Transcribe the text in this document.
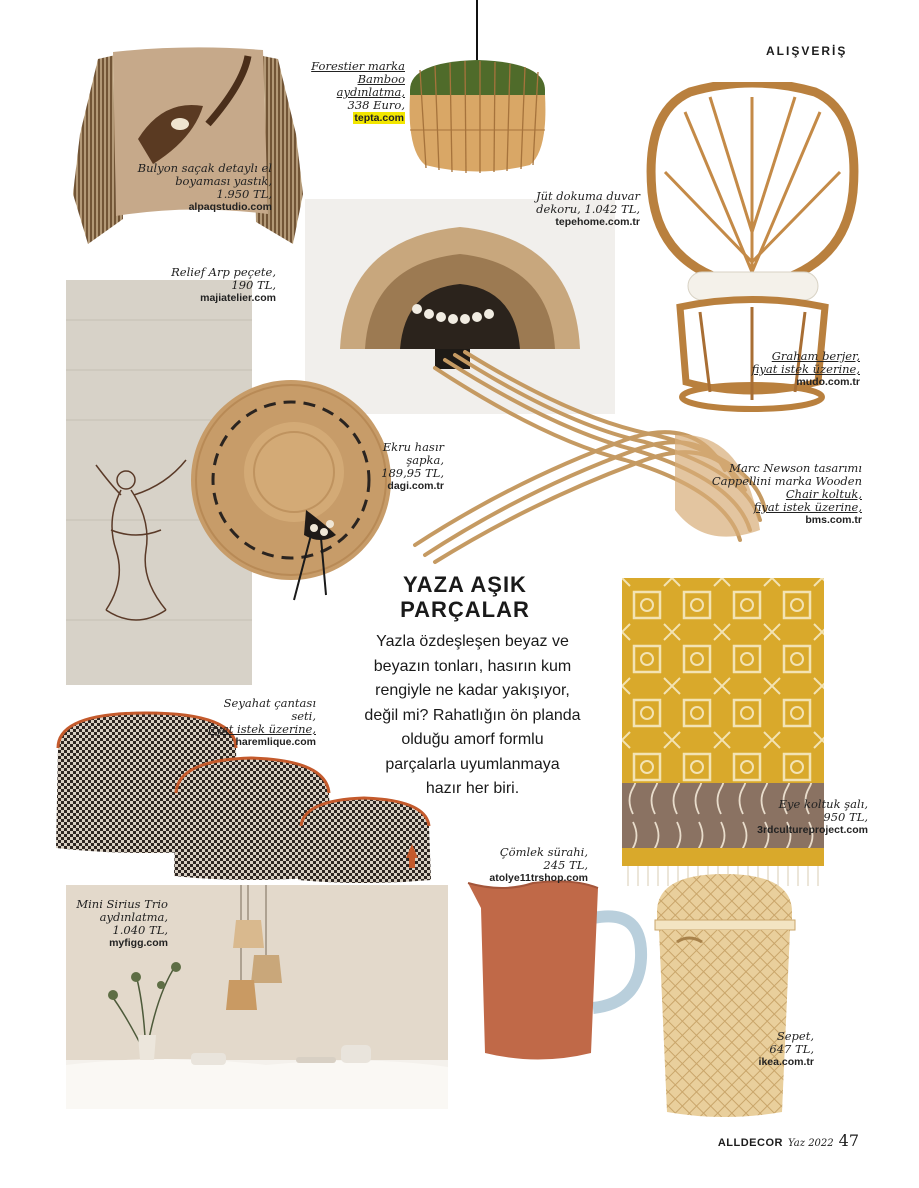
ALIŞVERİŞ
Bulyon saçak detaylı el
boyaması yastık,
1.950 TL,
alpaqstudio.com
Forestier marka
Bamboo aydınlatma,
338 Euro,
tepta.com
Graham berjer,
fiyat istek üzerine,
mudo.com.tr
Jüt dokuma duvar
dekoru, 1.042 TL,
tepehome.com.tr
Relief Arp peçete,
190 TL,
majiatelier.com
Marc Newson tasarımı
Cappellini marka Wooden
Chair koltuk,
fiyat istek üzerine,
bms.com.tr
Ekru hasır şapka,
189,95 TL,
dagi.com.tr
YAZA AŞIK
PARÇALAR
Yazla özdeşleşen beyaz ve
beyazın tonları, hasırın kum
rengiyle ne kadar yakışıyor,
değil mi? Rahatlığın ön planda
olduğu amorf formlu
parçalarla uyumlanmaya
hazır her biri.
Eye koltuk şalı,
950 TL,
3rdcultureproject.com
Seyahat çantası
seti,
fiyat istek üzerine,
haremlique.com
Mini Sirius Trio
aydınlatma,
1.040 TL,
myfigg.com
Çömlek sürahi,
245 TL,
atolye11trshop.com
Sepet,
647 TL,
ikea.com.tr
ALLDECOR Yaz 2022 47
